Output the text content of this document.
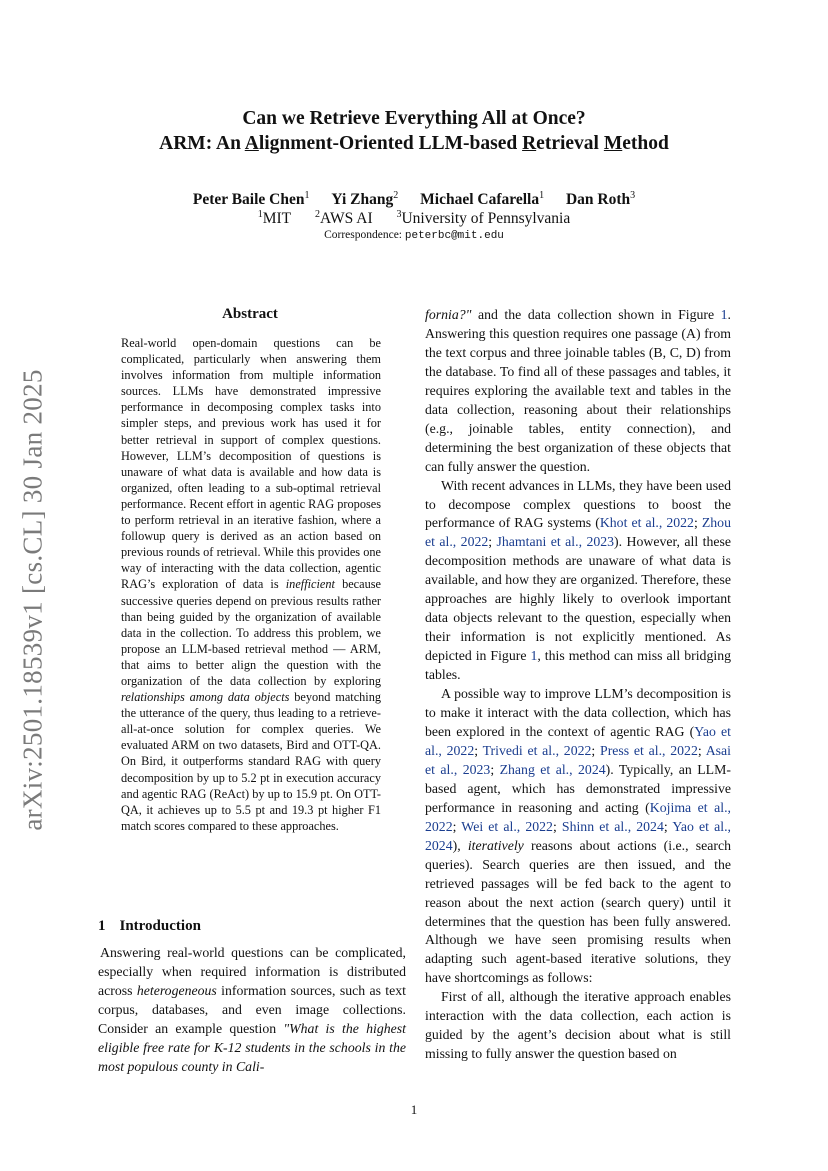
arXiv:2501.18539v1 [cs.CL] 30 Jan 2025
Can we Retrieve Everything All at Once?
ARM: An Alignment-Oriented LLM-based Retrieval Method
Peter Baile Chen$^1$ Yi Zhang$^2$ Michael Cafarella$^1$ Dan Roth$^3$
$^1$MIT $^2$AWS AI $^3$University of Pennsylvania
Correspondence: peterbc@mit.edu
Abstract
Real-world open-domain questions can be complicated, particularly when answering them involves information from multiple information sources. LLMs have demonstrated impressive performance in decomposing complex tasks into simpler steps, and previous work has used it for better retrieval in support of complex questions. However, LLM’s decomposition of questions is unaware of what data is available and how data is organized, often leading to a sub-optimal retrieval performance. Recent effort in agentic RAG proposes to perform retrieval in an iterative fashion, where a followup query is derived as an action based on previous rounds of retrieval. While this provides one way of interacting with the data collection, agentic RAG’s exploration of data is inefficient because successive queries depend on previous results rather than being guided by the organization of available data in the collection. To address this problem, we propose an LLM-based retrieval method — ARM, that aims to better align the question with the organization of the data collection by exploring relationships among data objects beyond matching the utterance of the query, thus leading to a retrieve-all-at-once solution for complex queries. We evaluated ARM on two datasets, Bird and OTT-QA. On Bird, it outperforms standard RAG with query decomposition by up to 5.2 pt in execution accuracy and agentic RAG (ReAct) by up to 15.9 pt. On OTT-QA, it achieves up to 5.5 pt and 19.3 pt higher F1 match scores compared to these approaches.
1 Introduction
Answering real-world questions can be complicated, especially when required information is distributed across heterogeneous information sources, such as text corpus, databases, and even image collections. Consider an example question "What is the highest eligible free rate for K-12 students in the schools in the most populous county in Cali-

fornia?" and the data collection shown in Figure 1. Answering this question requires one passage (A) from the text corpus and three joinable tables (B, C, D) from the database. To find all of these passages and tables, it requires exploring the available text and tables in the data collection, reasoning about their relationships (e.g., joinable tables, entity connection), and determining the best organization of these objects that can fully answer the question.

With recent advances in LLMs, they have been used to decompose complex questions to boost the performance of RAG systems (Khot et al., 2022; Zhou et al., 2022; Jhamtani et al., 2023). However, all these decomposition methods are unaware of what data is available, and how they are organized. Therefore, these approaches are highly likely to overlook important data objects relevant to the question, especially when their information is not explicitly mentioned. As depicted in Figure 1, this method can miss all bridging tables.

A possible way to improve LLM’s decomposition is to make it interact with the data collection, which has been explored in the context of agentic RAG (Yao et al., 2022; Trivedi et al., 2022; Press et al., 2022; Asai et al., 2023; Zhang et al., 2024). Typically, an LLM-based agent, which has demonstrated impressive performance in reasoning and acting (Kojima et al., 2022; Wei et al., 2022; Shinn et al., 2024; Yao et al., 2024), iteratively reasons about actions (i.e., search queries). Search queries are then issued, and the retrieved passages will be fed back to the agent to reason about the next action (search query) until it determines that the question has been fully answered. Although we have seen promising results when adapting such agent-based iterative solutions, they have shortcomings as follows:

First of all, although the iterative approach enables interaction with the data collection, each action is guided by the agent’s decision about what is still missing to fully answer the question based on

1
